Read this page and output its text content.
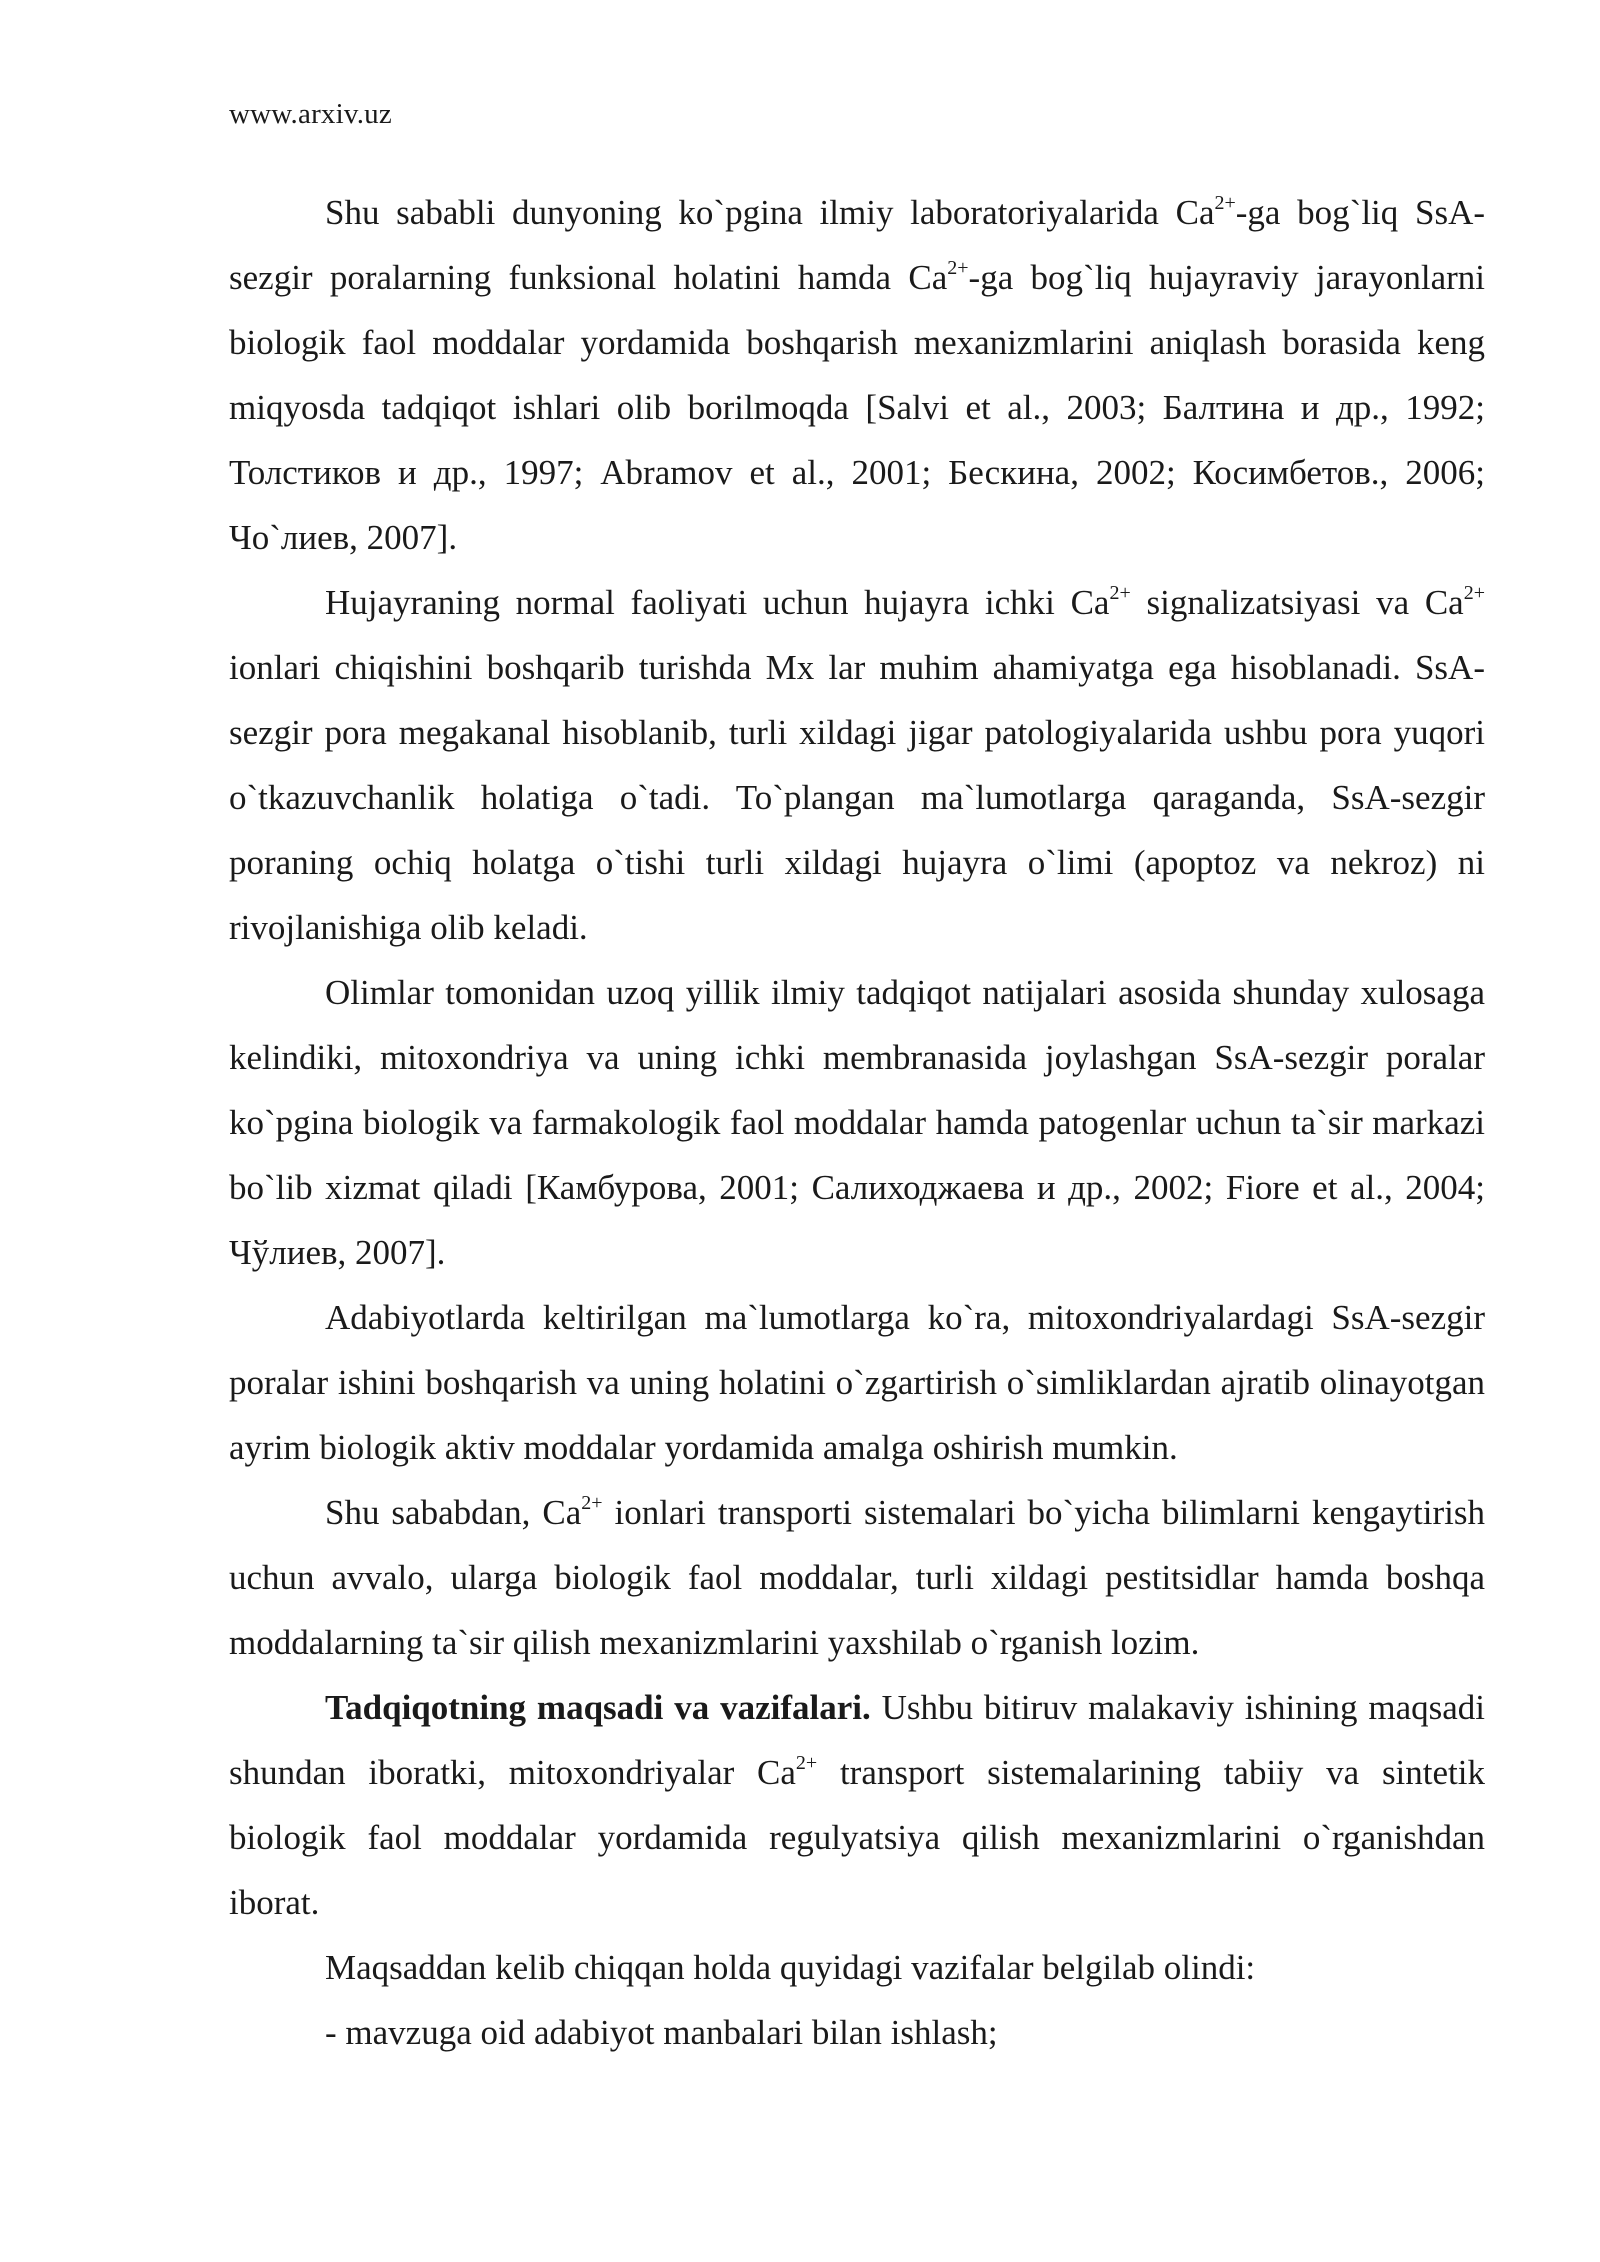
www.arxiv.uz

Shu sababli dunyoning ko`pgina ilmiy laboratoriyalarida $Ca^{2+}-ga$ bog`liq SsA-sezgir poralarning funksional holatini hamda $Ca^{2+}-ga$ bog`liq hujayraviy jarayonlarni biologik faol moddalar yordamida boshqarish mexanizmlarini aniqlash borasida keng miqyosda tadqiqot ishlari olib borilmoqda [Salvi et al., 2003; Балтина и др., 1992; Толстиков и др., 1997; Abramov et al., 2001; Бескина, 2002; Косимбетов., 2006; Чо`лиев, 2007].

Hujayraning normal faoliyati uchun hujayra ichki $Ca^{2+}$ signalizatsiyasi va $Ca^{2+}$ ionlari chiqishini boshqarib turishda Mx lar muhim ahamiyatga ega hisoblanadi. SsA-sezgir pora megakanal hisoblanib, turli xildagi jigar patologiyalarida ushbu pora yuqori o`tkazuvchanlik holatiga o`tadi. To`plangan ma`lumotlarga qaraganda, SsA-sezgir poraning ochiq holatga o`tishi turli xildagi hujayra o`limi (apoptoz va nekroz) ni rivojlanishiga olib keladi.

Olimlar tomonidan uzoq yillik ilmiy tadqiqot natijalari asosida shunday xulosaga kelindiki, mitoxondriya va uning ichki membranasida joylashgan SsA-sezgir poralar ko`pgina biologik va farmakologik faol moddalar hamda patogenlar uchun ta`sir markazi bo`lib xizmat qiladi [Камбурова, 2001; Салиходжаева и др., 2002; Fiore et al., 2004; Чўлиев, 2007].

Adabiyotlarda keltirilgan ma`lumotlarga ko`ra, mitoxondriyalardagi SsA-sezgir poralar ishini boshqarish va uning holatini o`zgartirish o`simliklardan ajratib olinayotgan ayrim biologik aktiv moddalar yordamida amalga oshirish mumkin.

Shu sababdan, $Ca^{2+}$ ionlari transporti sistemalari bo`yicha bilimlarni kengaytirish uchun avvalo, ularga biologik faol moddalar, turli xildagi pestitsidlar hamda boshqa moddalarning ta`sir qilish mexanizmlarini yaxshilab o`rganish lozim.

Tadqiqotning maqsadi va vazifalari. Ushbu bitiruv malakaviy ishining maqsadi shundan iboratki, mitoxondriyalar $Ca^{2+}$ transport sistemalarining tabiiy va sintetik biologik faol moddalar yordamida regulyatsiya qilish mexanizmlarini o`rganishdan iborat.

Maqsaddan kelib chiqqan holda quyidagi vazifalar belgilab olindi:

- mavzuga oid adabiyot manbalari bilan ishlash;
